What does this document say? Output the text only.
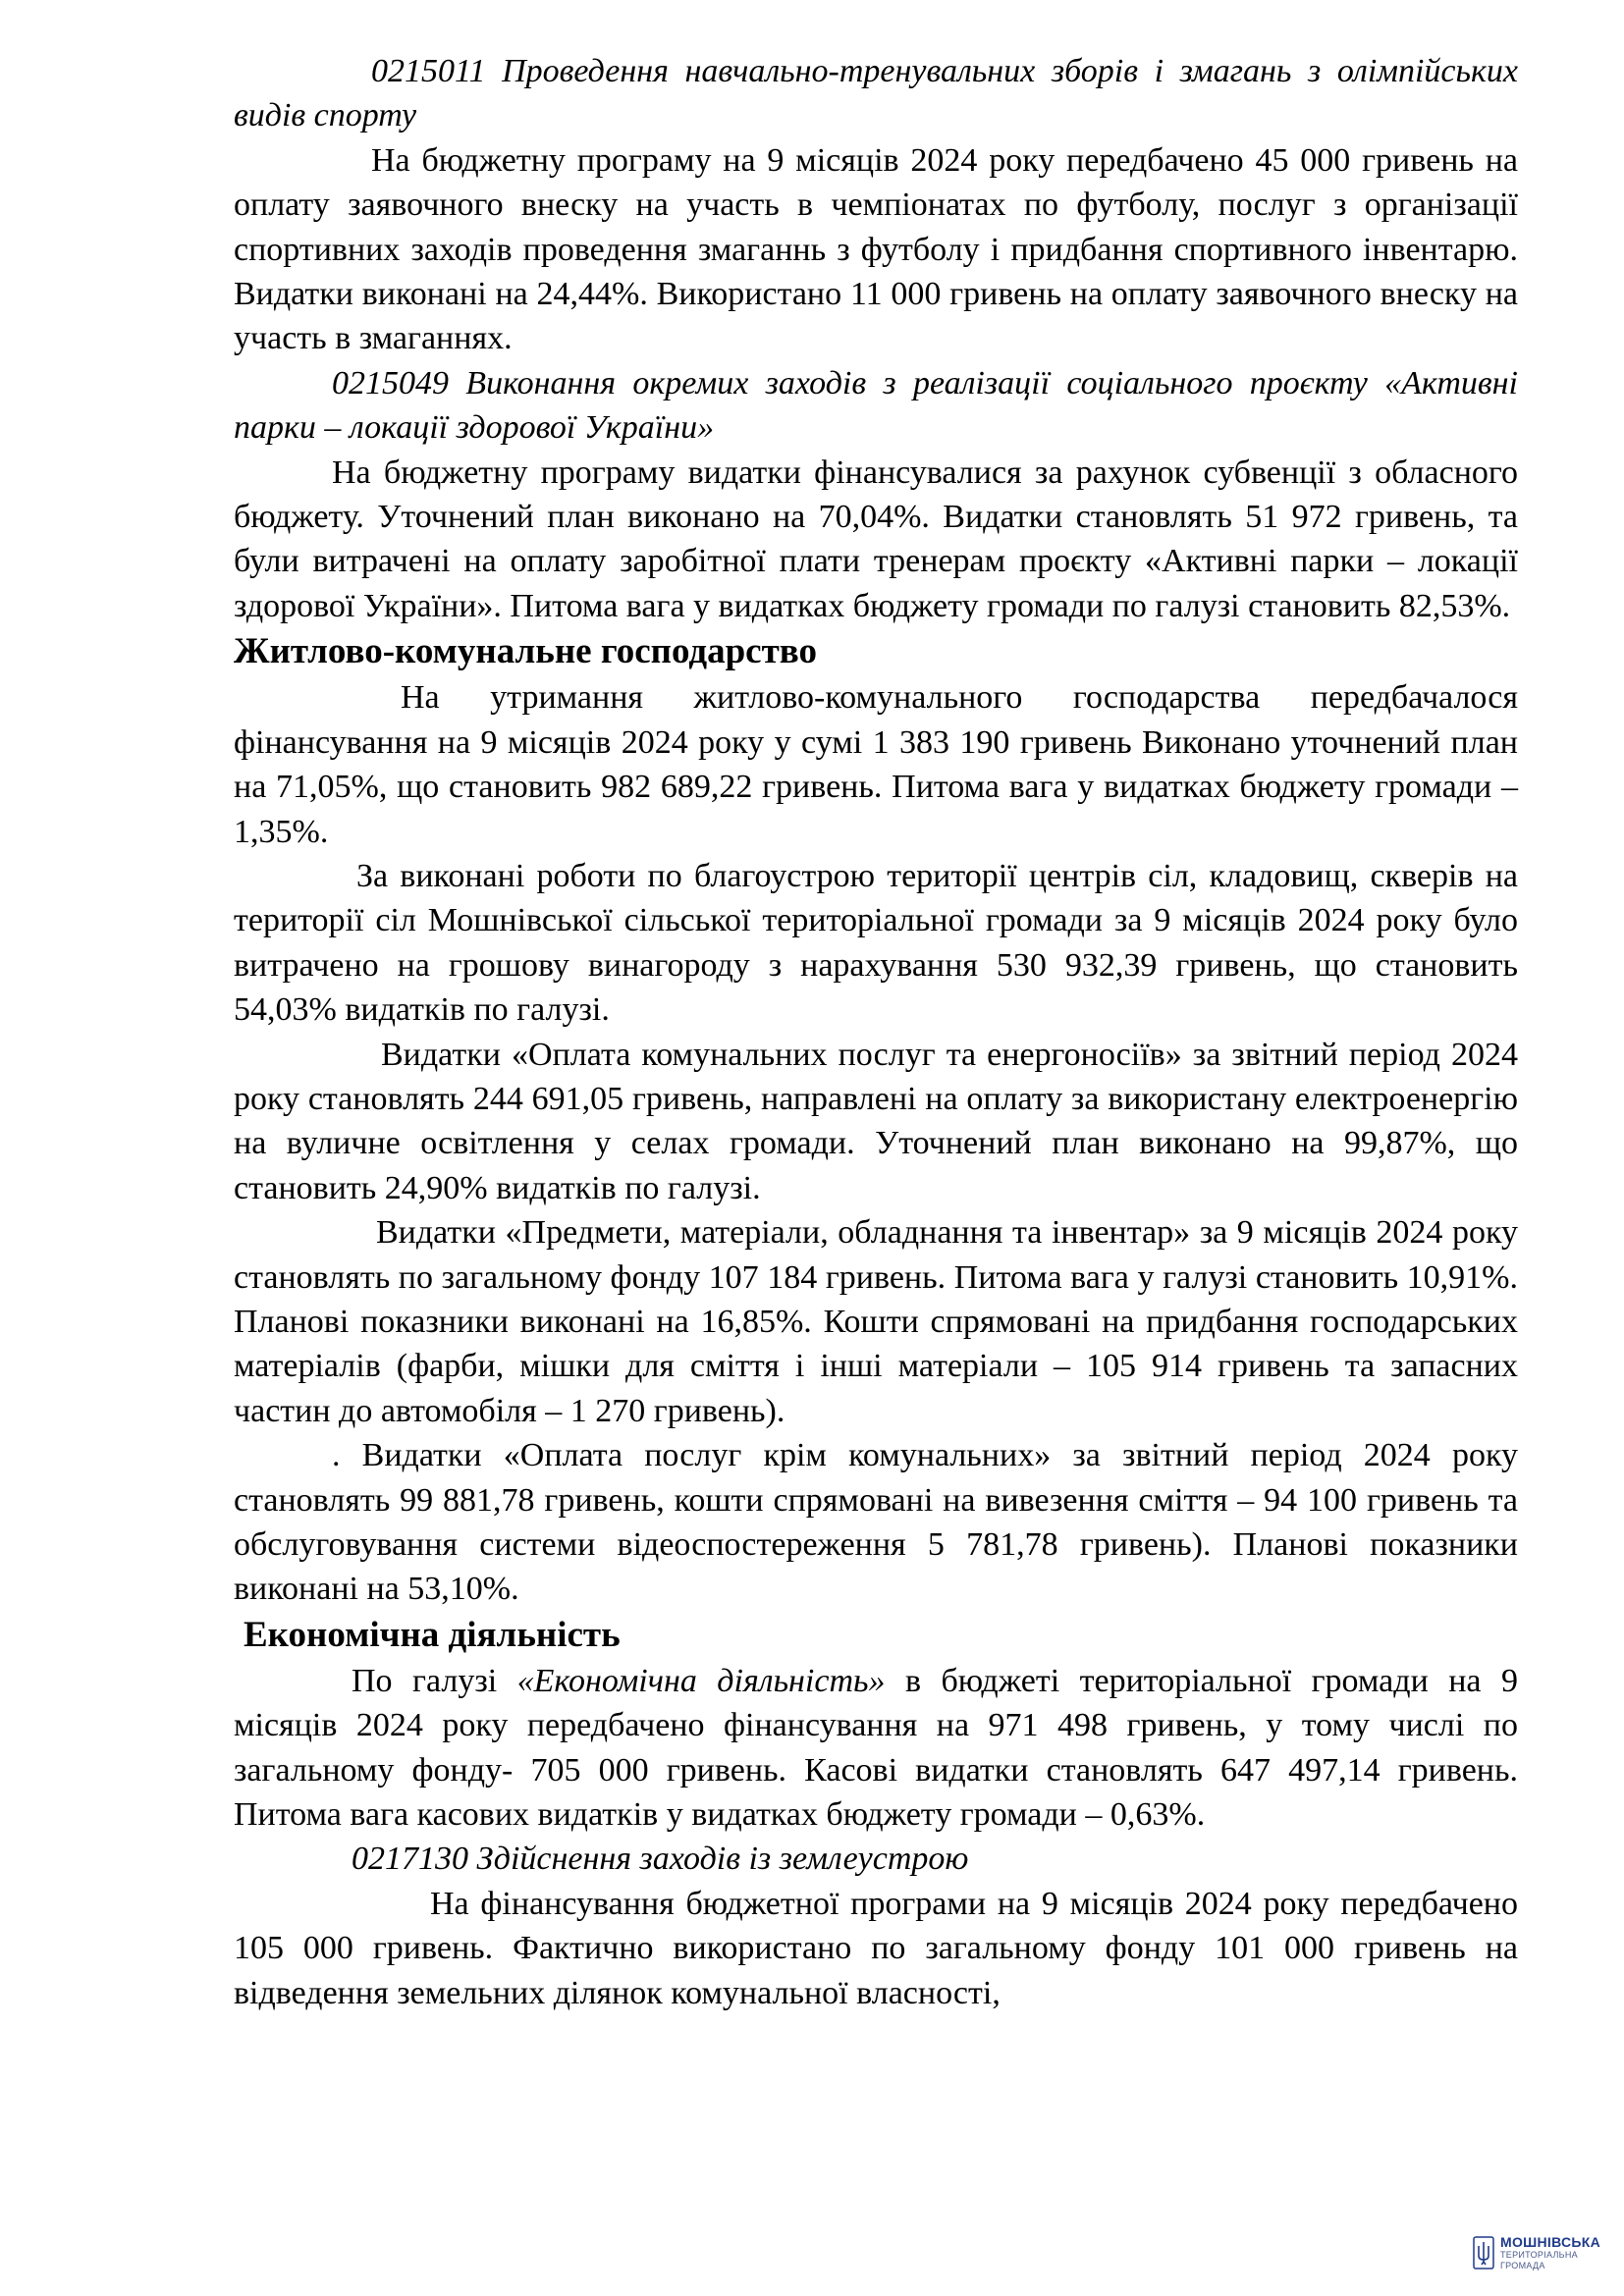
0215011 Проведення навчально-тренувальних зборів і змагань з олімпійських видів спорту

На бюджетну програму на 9 місяців 2024 року передбачено 45 000 гривень на оплату заявочного внеску на участь в чемпіонатах по футболу, послуг з організації спортивних заходів проведення змаганнь з футболу і придбання спортивного інвентарю. Видатки виконані на 24,44%. Використано 11 000 гривень на оплату заявочного внеску на участь в змаганнях.

0215049 Виконання окремих заходів з реалізації соціального проєкту «Активні парки – локації здорової України»

На бюджетну програму видатки фінансувалися за рахунок субвенції з обласного бюджету. Уточнений план виконано на 70,04%. Видатки становлять 51 972 гривень, та були витрачені на оплату заробітної плати тренерам проєкту «Активні парки – локації здорової України». Питома вага у видатках бюджету громади по галузі становить 82,53%.

Житлово-комунальне господарство

На утримання житлово-комунального господарства передбачалося фінансування на 9 місяців 2024 року у сумі 1 383 190 гривень Виконано уточнений план на 71,05%, що становить 982 689,22 гривень. Питома вага у видатках бюджету громади – 1,35%.

За виконані роботи по благоустрою території центрів сіл, кладовищ, скверів на території сіл Мошнівської сільської територіальної громади за 9 місяців 2024 року було витрачено на грошову винагороду з нарахування 530 932,39 гривень, що становить 54,03% видатків по галузі.

Видатки «Оплата комунальних послуг та енергоносіїв» за звітний період 2024 року становлять 244 691,05 гривень, направлені на оплату за використану електроенергію на вуличне освітлення у селах громади. Уточнений план виконано на 99,87%, що становить 24,90% видатків по галузі.

Видатки «Предмети, матеріали, обладнання та інвентар» за 9 місяців 2024 року становлять по загальному фонду 107 184 гривень. Питома вага у галузі становить 10,91%. Планові показники виконані на 16,85%. Кошти спрямовані на придбання господарських матеріалів (фарби, мішки для сміття і інші матеріали – 105 914 гривень та запасних частин до автомобіля – 1 270 гривень).

. Видатки «Оплата послуг крім комунальних» за звітний період 2024 року становлять 99 881,78 гривень, кошти спрямовані на вивезення сміття – 94 100 гривень та обслуговування системи відеоспостереження 5 781,78 гривень). Планові показники виконані на 53,10%.

Економічна діяльність

По галузі «Економічна діяльність» в бюджеті територіальної громади на 9 місяців 2024 року передбачено фінансування на 971 498 гривень, у тому числі по загальному фонду- 705 000 гривень. Касові видатки становлять 647 497,14 гривень. Питома вага касових видатків у видатках бюджету громади – 0,63%.

0217130 Здійснення заходів із землеустрою

На фінансування бюджетної програми на 9 місяців 2024 року передбачено 105 000 гривень. Фактично використано по загальному фонду 101 000 гривень на відведення земельних ділянок комунальної власності,

МОШНІВСЬКА
ТЕРИТОРІАЛЬНА
ГРОМАДА
